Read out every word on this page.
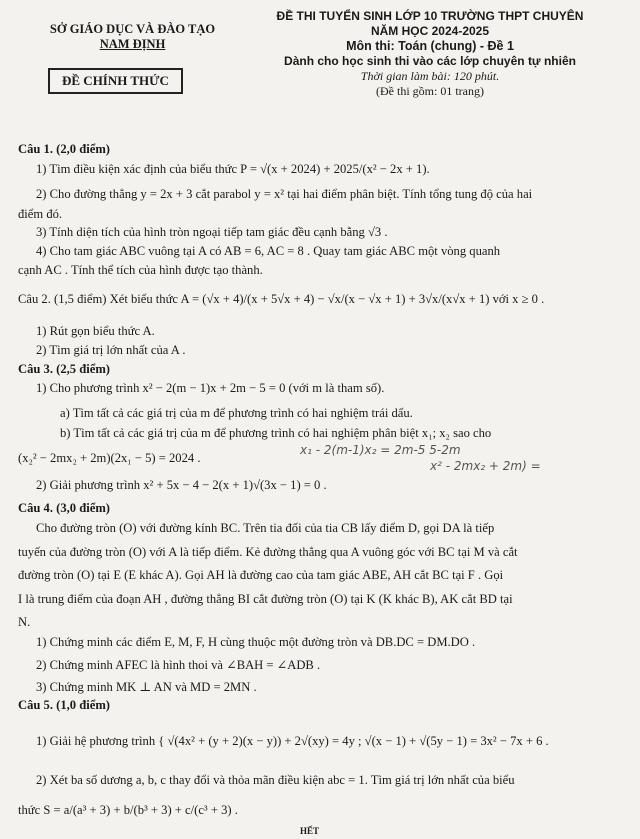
SỞ GIÁO DỤC VÀ ĐÀO TẠO
NAM ĐỊNH
ĐỀ CHÍNH THỨC
ĐỀ THI TUYỂN SINH LỚP 10 TRƯỜNG THPT CHUYÊN
NĂM HỌC 2024-2025
Môn thi: Toán (chung) - Đề 1
Dành cho học sinh thi vào các lớp chuyên tự nhiên
Thời gian làm bài: 120 phút.
(Đề thi gồm: 01 trang)
Câu 1. (2,0 điểm)
1) Tìm điều kiện xác định của biểu thức P = √(x + 2024) + 2025/(x² − 2x + 1).
2) Cho đường thẳng y = 2x + 3 cắt parabol y = x² tại hai điểm phân biệt. Tính tổng tung độ của hai
điểm đó.
3) Tính diện tích của hình tròn ngoại tiếp tam giác đều cạnh bằng √3 .
4) Cho tam giác ABC vuông tại A có AB = 6, AC = 8 . Quay tam giác ABC một vòng quanh
cạnh AC . Tính thể tích của hình được tạo thành.
Câu 2. (1,5 điểm) Xét biểu thức A = (√x + 4)/(x + 5√x + 4) − √x/(x − √x + 1) + 3√x/(x√x + 1) với x ≥ 0 .
1) Rút gọn biểu thức A.
2) Tìm giá trị lớn nhất của A .
Câu 3. (2,5 điểm)
1) Cho phương trình x² − 2(m − 1)x + 2m − 5 = 0 (với m là tham số).
a) Tìm tất cả các giá trị của m để phương trình có hai nghiệm trái dấu.
b) Tìm tất cả các giá trị của m để phương trình có hai nghiệm phân biệt x₁; x₂ sao cho
(x₂² − 2mx₂ + 2m)(2x₁ − 5) = 2024 .
x₁ - 2(m-1)x₂ = 2m-5 5-2m
x² - 2mx₂ + 2m) =
2) Giải phương trình x² + 5x − 4 − 2(x + 1)√(3x − 1) = 0 .
Câu 4. (3,0 điểm)
Cho đường tròn (O) với đường kính BC. Trên tia đối của tia CB lấy điểm D, gọi DA là tiếp
tuyến của đường tròn (O) với A là tiếp điểm. Kẻ đường thẳng qua A vuông góc với BC tại M và cắt
đường tròn (O) tại E (E khác A). Gọi AH là đường cao của tam giác ABE, AH cắt BC tại F . Gọi
I là trung điểm của đoạn AH , đường thẳng BI cắt đường tròn (O) tại K (K khác B), AK cắt BD tại
N.
1) Chứng minh các điểm E, M, F, H cùng thuộc một đường tròn và DB.DC = DM.DO .
2) Chứng minh AFEC là hình thoi và ∠BAH = ∠ADB .
3) Chứng minh MK ⊥ AN và MD = 2MN .
Câu 5. (1,0 điểm)
1) Giải hệ phương trình { √(4x² + (y + 2)(x − y)) + 2√(xy) = 4y ; √(x − 1) + √(5y − 1) = 3x² − 7x + 6 .
2) Xét ba số dương a, b, c thay đổi và thỏa mãn điều kiện abc = 1. Tìm giá trị lớn nhất của biểu
thức S = a/(a³ + 3) + b/(b³ + 3) + c/(c³ + 3) .
HẾT
